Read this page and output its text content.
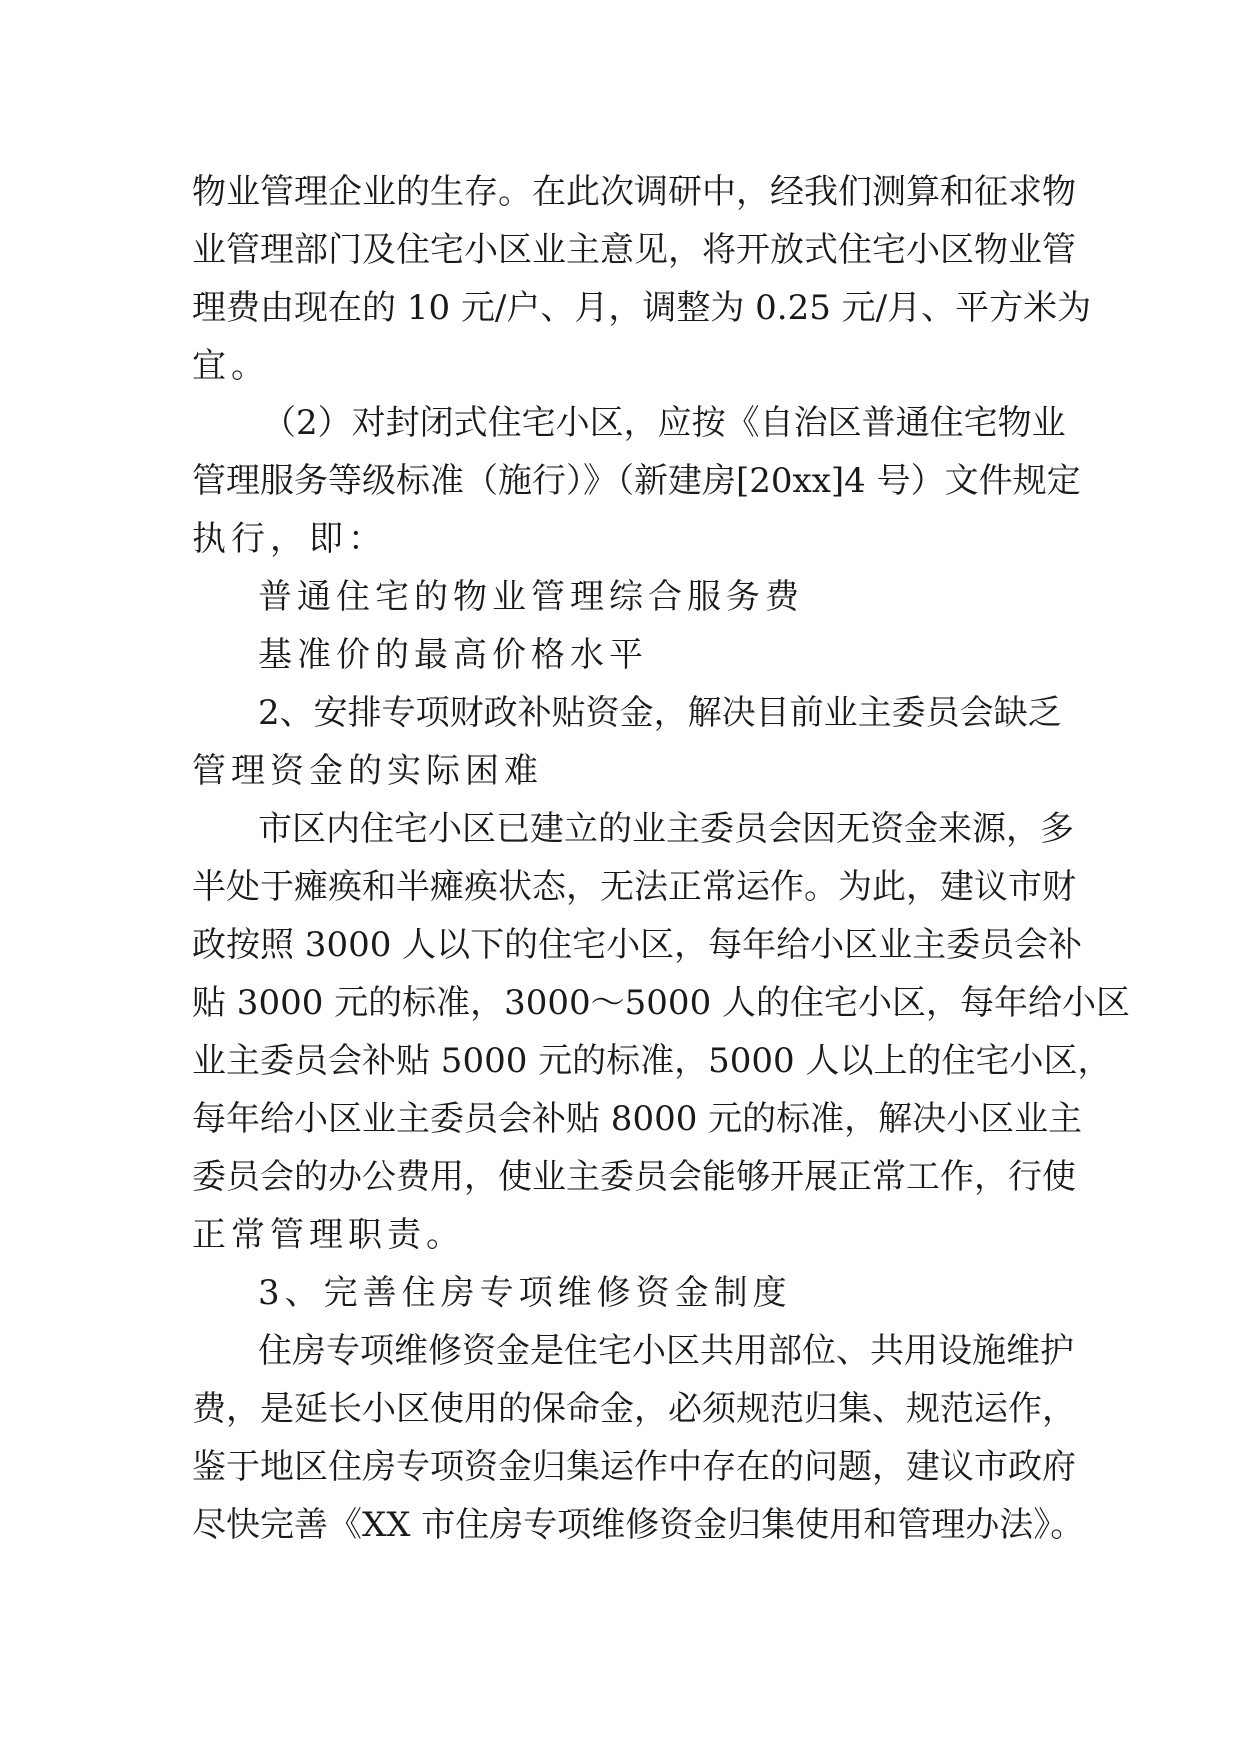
物业管理企业的生存。在此次调研中，经我们测算和征求物
业管理部门及住宅小区业主意见，将开放式住宅小区物业管
理费由现在的 10 元/户、月，调整为 0.25 元/月、平方米为
宜。
（2）对封闭式住宅小区，应按《自治区普通住宅物业
管理服务等级标准（施行）》（新建房[20xx]4 号）文件规定
执行，即：
普通住宅的物业管理综合服务费
基准价的最高价格水平
2、安排专项财政补贴资金，解决目前业主委员会缺乏
管理资金的实际困难
市区内住宅小区已建立的业主委员会因无资金来源，多
半处于瘫痪和半瘫痪状态，无法正常运作。为此，建议市财
政按照 3000 人以下的住宅小区，每年给小区业主委员会补
贴 3000 元的标准，3000～5000 人的住宅小区，每年给小区
业主委员会补贴 5000 元的标准，5000 人以上的住宅小区，
每年给小区业主委员会补贴 8000 元的标准，解决小区业主
委员会的办公费用，使业主委员会能够开展正常工作，行使
正常管理职责。
3、完善住房专项维修资金制度
住房专项维修资金是住宅小区共用部位、共用设施维护
费，是延长小区使用的保命金，必须规范归集、规范运作，
鉴于地区住房专项资金归集运作中存在的问题，建议市政府
尽快完善《XX 市住房专项维修资金归集使用和管理办法》。
